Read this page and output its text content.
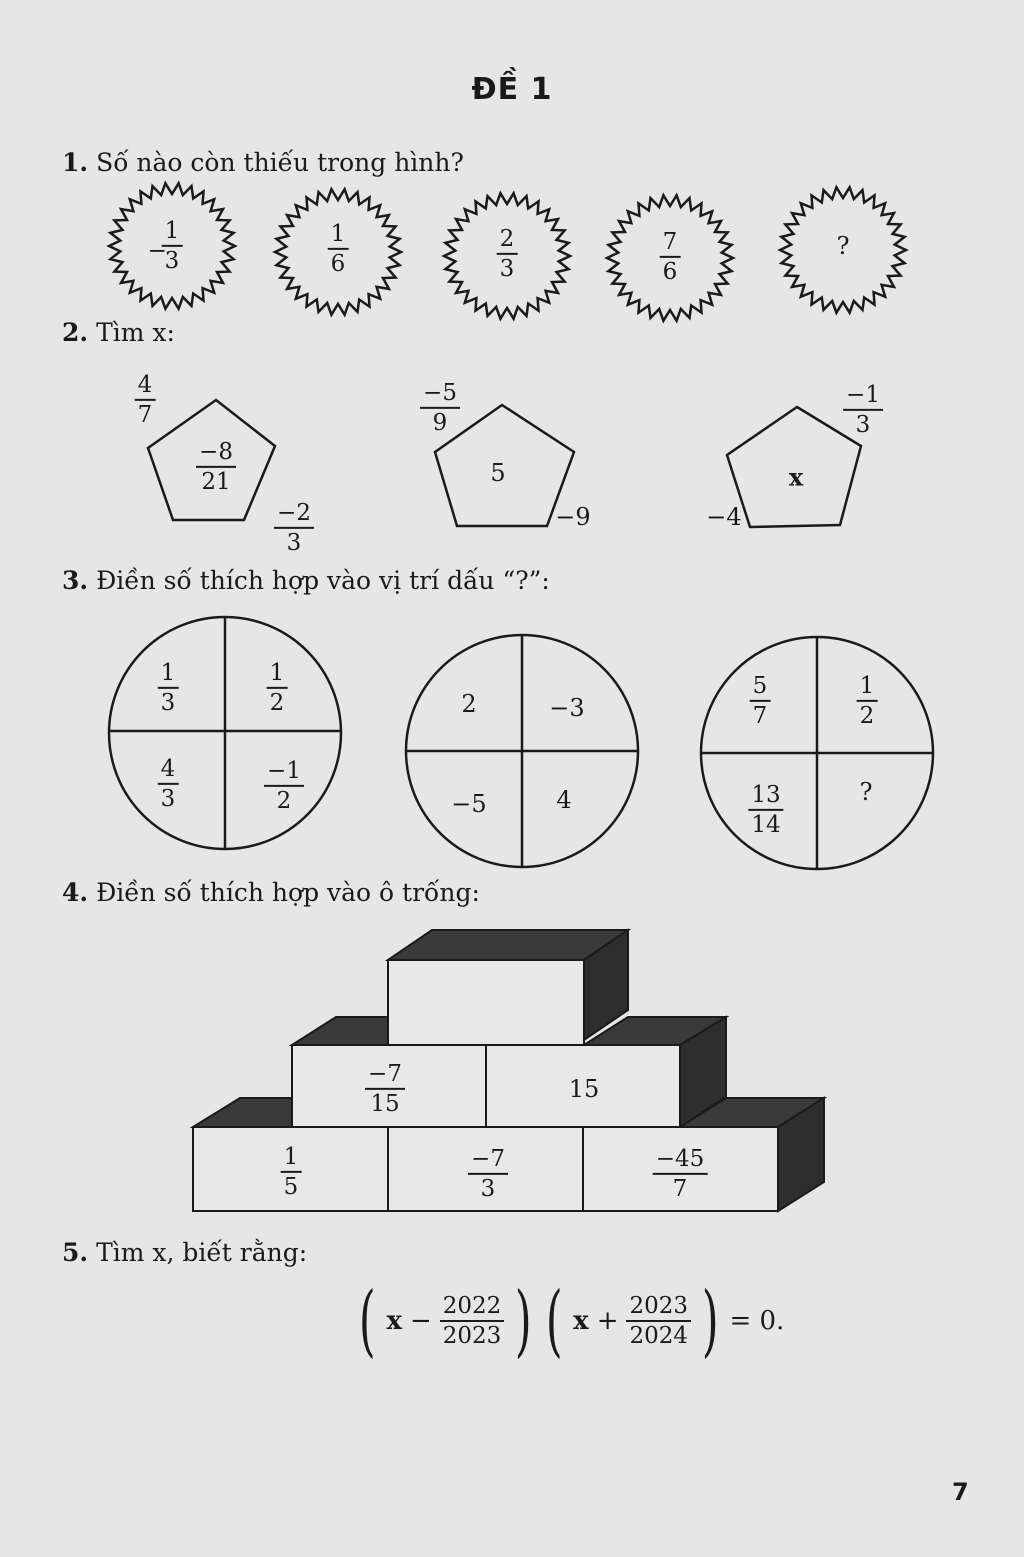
ĐỀ 1
1. Số nào còn thiếu trong hình?
−
1
3
1
6
2
3
7
6
?
2. Tìm x:
4
7
−8
21
−2
3
−5
9
5
−9
−1
3
x
−4
3. Điền số thích hợp vào vị trí dấu “?”:
1
3
1
2
4
3
−1
2
2	−3
−5	4
5
7
1
2
13
14
?
4. Điền số thích hợp vào ô trống:
−7
15
15
1
5
−7
3
−45
7
5. Tìm x, biết rằng:
( $x - \frac{2022}{2023}$ ) ( $x + \frac{2023}{2024}$ ) = 0.
7
